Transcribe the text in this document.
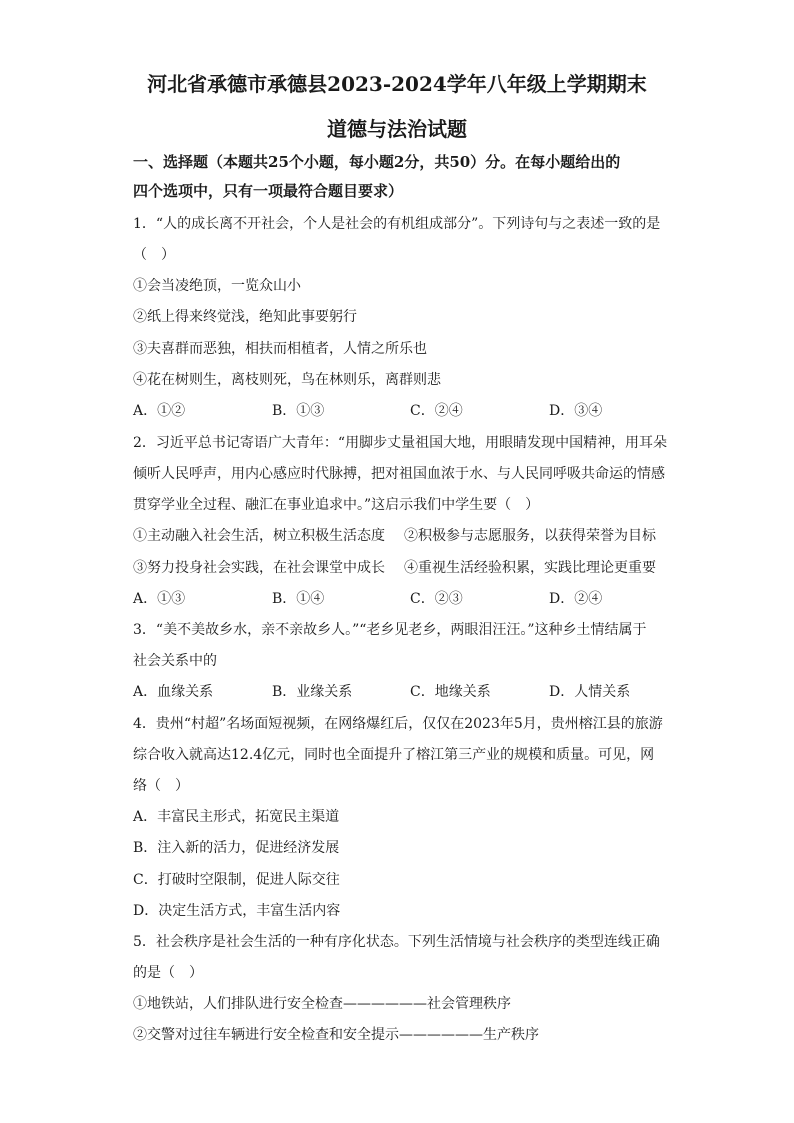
河北省承德市承德县2023-2024学年八年级上学期期末
道德与法治试题
一、选择题（本题共25个小题，每小题2分，共50）分。在每小题给出的
四个选项中，只有一项最符合题目要求）
1．“人的成长离不开社会，个人是社会的有机组成部分”。下列诗句与之表述一致的是
（　）
①会当凌绝顶，一览众山小
②纸上得来终觉浅，绝知此事要躬行
③夫喜群而恶独，相扶而相植者，人情之所乐也
④花在树则生，离枝则死，鸟在林则乐，离群则悲
A．①②	B．①③	C．②④	D．③④
2．习近平总书记寄语广大青年：“用脚步丈量祖国大地，用眼睛发现中国精神，用耳朵
倾听人民呼声，用内心感应时代脉搏，把对祖国血浓于水、与人民同呼吸共命运的情感
贯穿学业全过程、融汇在事业追求中。”这启示我们中学生要（　）
①主动融入社会生活，树立积极生活态度 ②积极参与志愿服务，以获得荣誉为目标
③努力投身社会实践，在社会课堂中成长 ④重视生活经验积累，实践比理论更重要
A．①③	B．①④	C．②③	D．②④
3．“美不美故乡水，亲不亲故乡人。”“老乡见老乡，两眼泪汪汪。”这种乡土情结属于
社会关系中的
A．血缘关系	B．业缘关系	C．地缘关系	D．人情关系
4．贵州“村超”名场面短视频，在网络爆红后，仅仅在2023年5月，贵州榕江县的旅游
综合收入就高达12.4亿元，同时也全面提升了榕江第三产业的规模和质量。可见，网
络（　）
A．丰富民主形式，拓宽民主渠道
B．注入新的活力，促进经济发展
C．打破时空限制，促进人际交往
D．决定生活方式，丰富生活内容
5．社会秩序是社会生活的一种有序化状态。下列生活情境与社会秩序的类型连线正确
的是（　）
①地铁站，人们排队进行安全检查——————社会管理秩序
②交警对过往车辆进行安全检查和安全提示——————生产秩序
